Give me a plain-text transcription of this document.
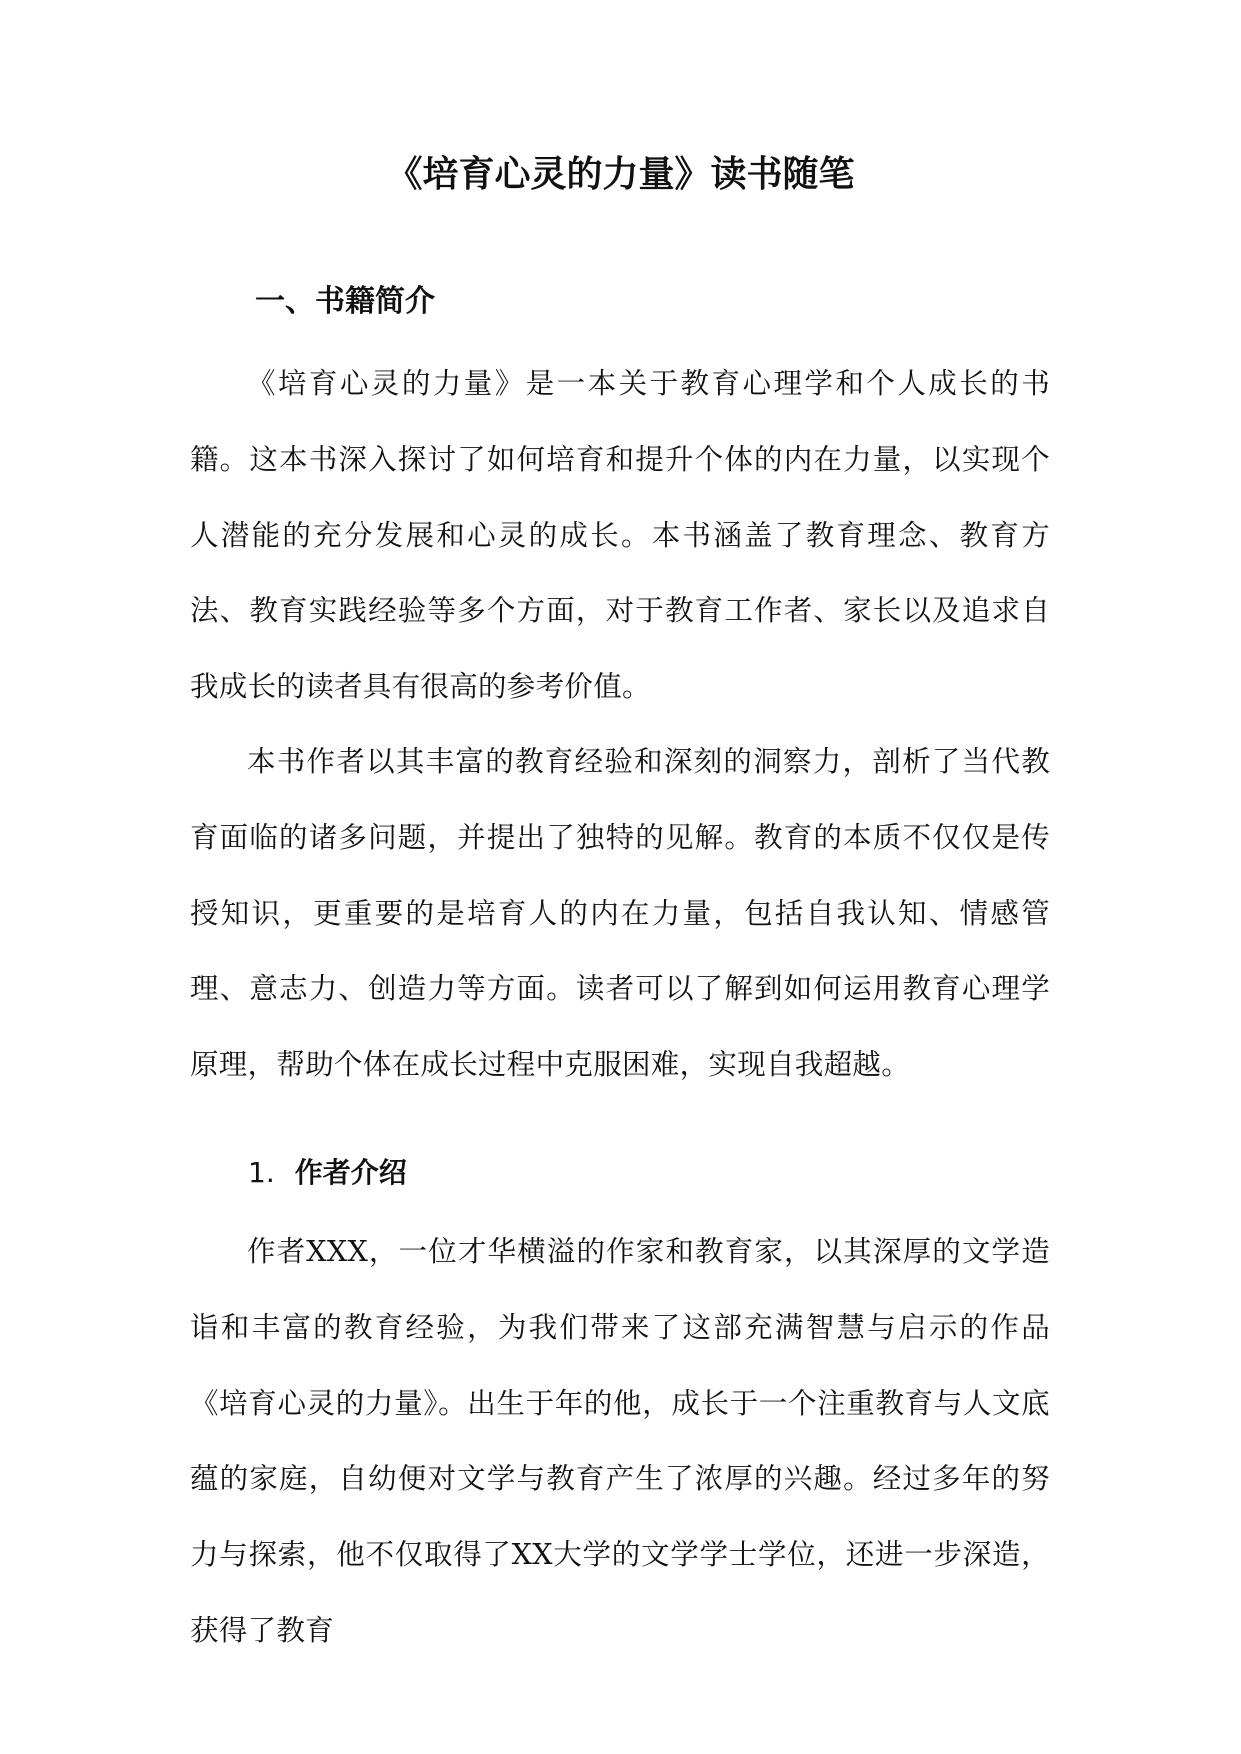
《培育心灵的力量》读书随笔
一、书籍简介

《培育心灵的力量》是一本关于教育心理学和个人成长的书籍。这本书深入探讨了如何培育和提升个体的内在力量，以实现个人潜能的充分发展和心灵的成长。本书涵盖了教育理念、教育方法、教育实践经验等多个方面，对于教育工作者、家长以及追求自我成长的读者具有很高的参考价值。

本书作者以其丰富的教育经验和深刻的洞察力，剖析了当代教育面临的诸多问题，并提出了独特的见解。教育的本质不仅仅是传授知识，更重要的是培育人的内在力量，包括自我认知、情感管理、意志力、创造力等方面。读者可以了解到如何运用教育心理学原理，帮助个体在成长过程中克服困难，实现自我超越。

1. 作者介绍

作者XXX，一位才华横溢的作家和教育家，以其深厚的文学造诣和丰富的教育经验，为我们带来了这部充满智慧与启示的作品《培育心灵的力量》。出生于年的他，成长于一个注重教育与人文底蕴的家庭，自幼便对文学与教育产生了浓厚的兴趣。经过多年的努力与探索，他不仅取得了XX大学的文学学士学位，还进一步深造，获得了教育
